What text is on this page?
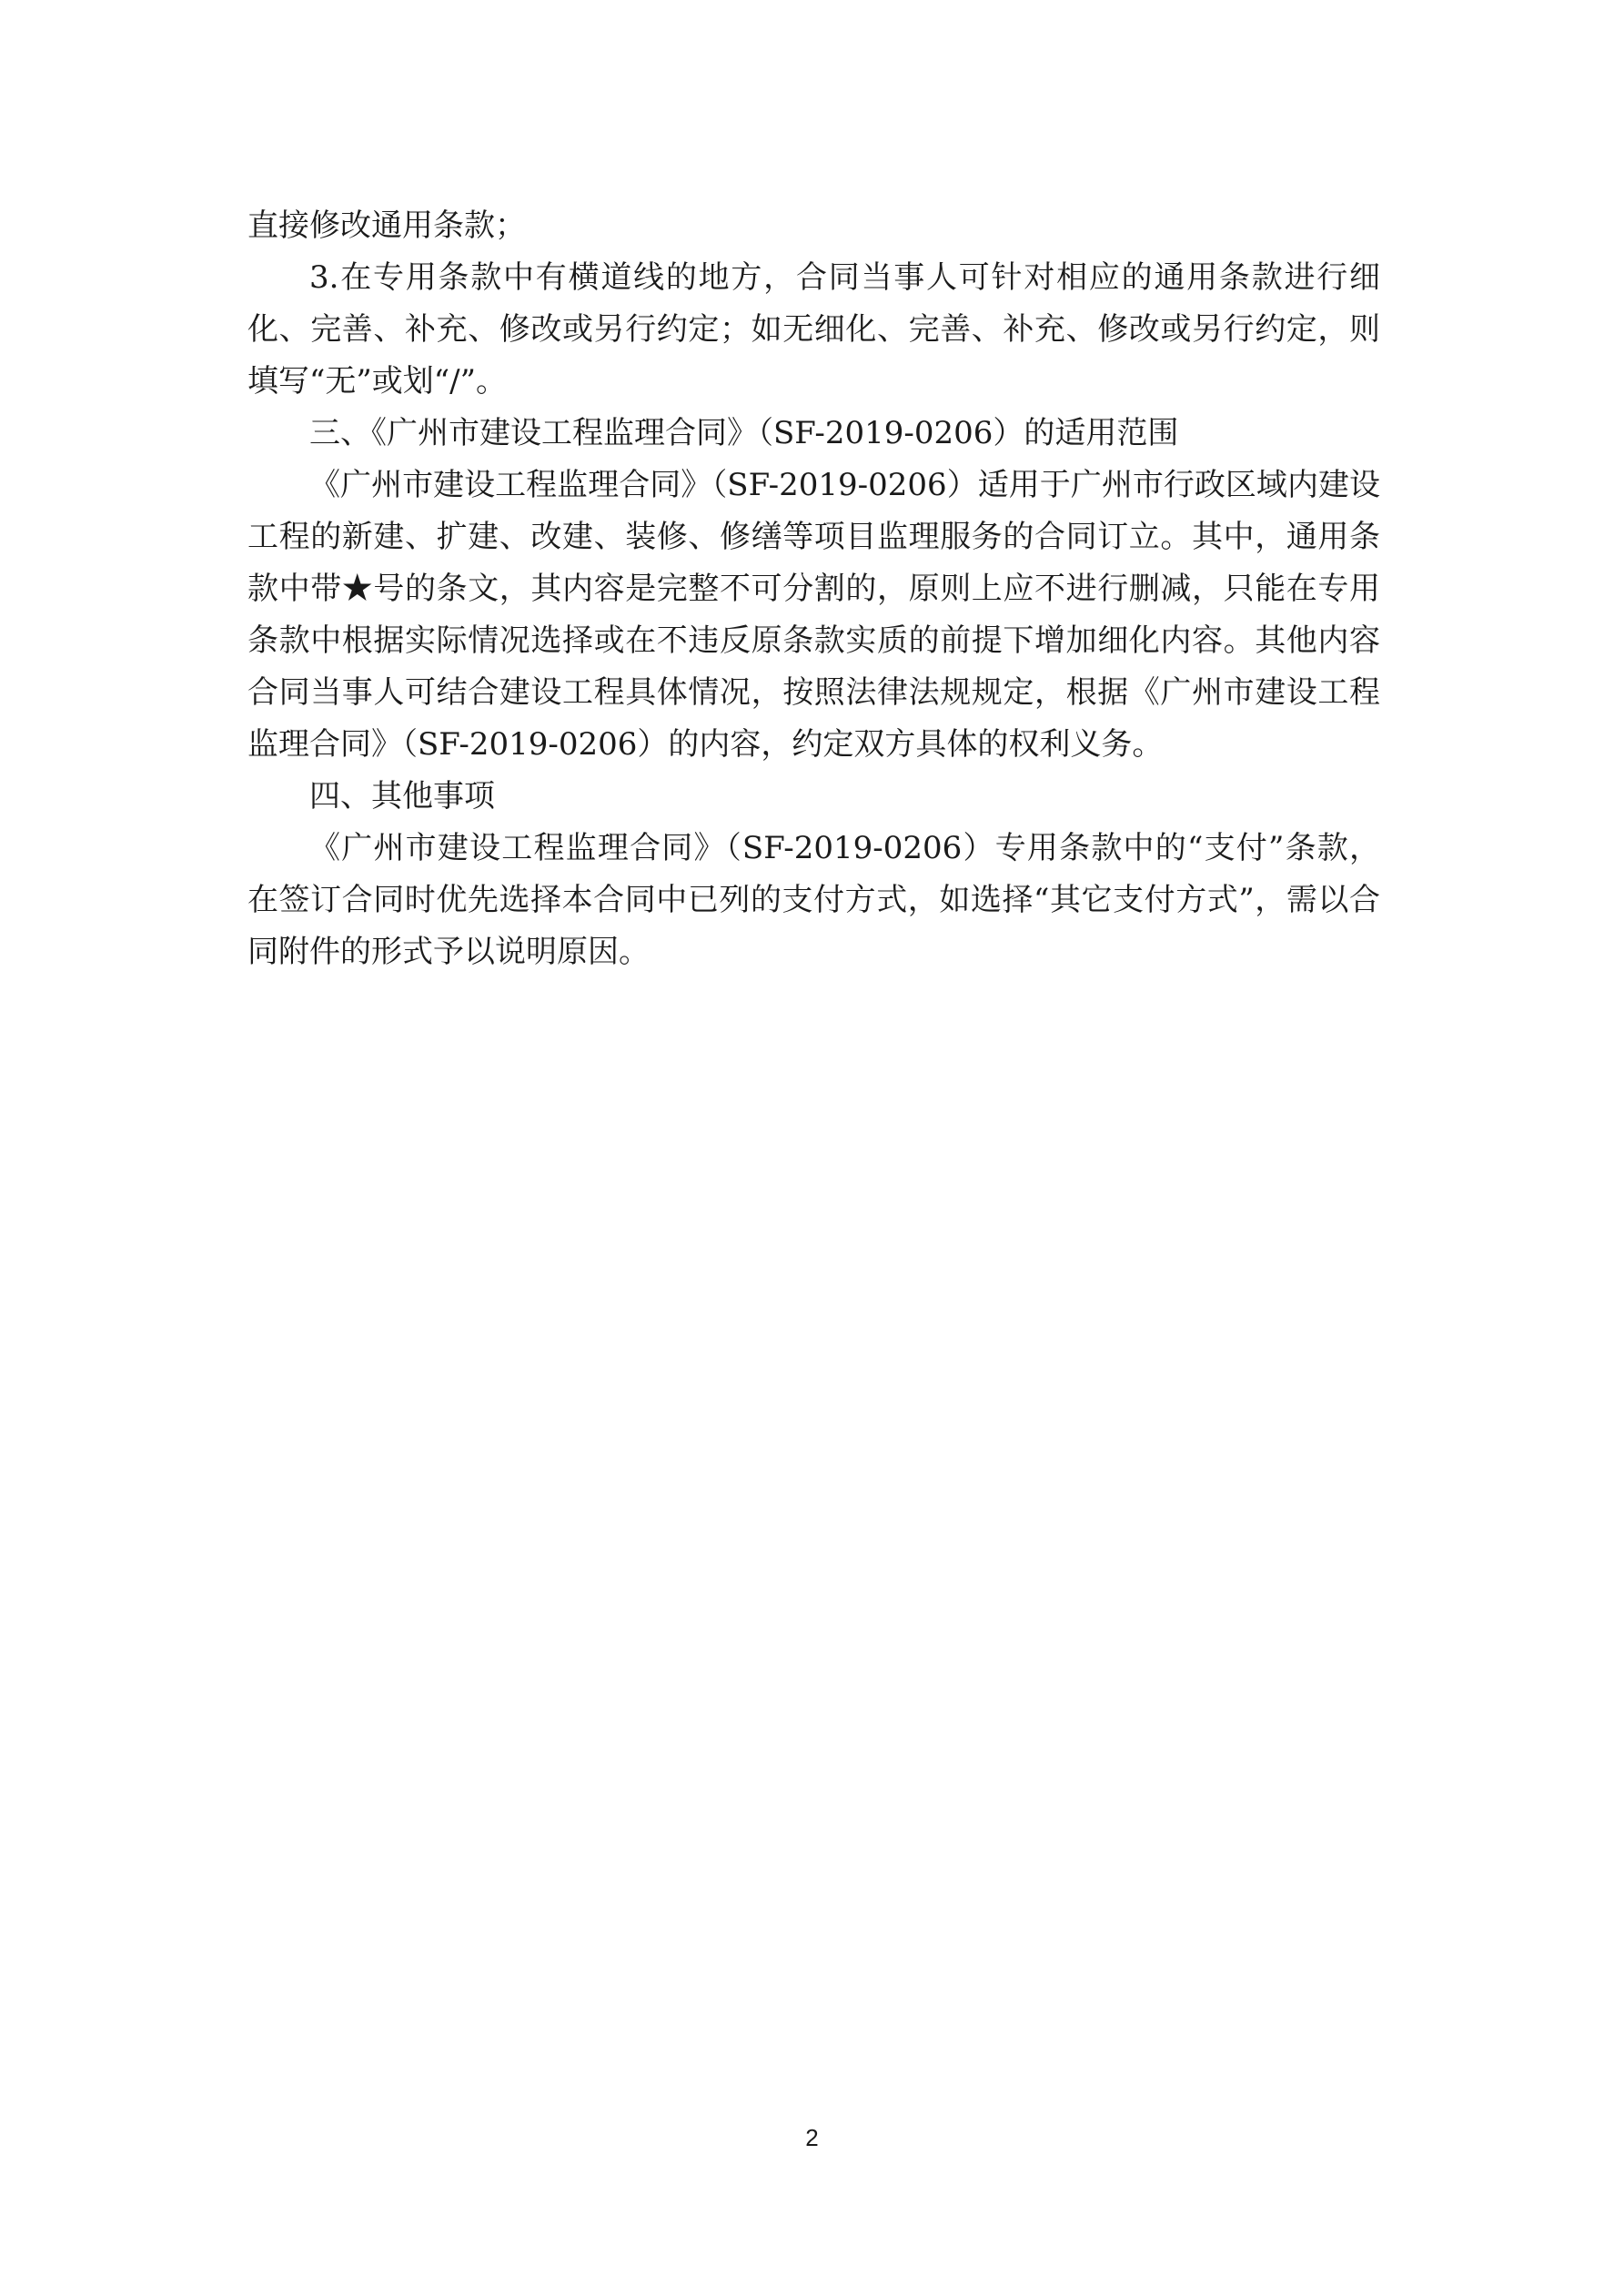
直接修改通用条款；

3.在专用条款中有横道线的地方，合同当事人可针对相应的通用条款进行细化、完善、补充、修改或另行约定；如无细化、完善、补充、修改或另行约定，则填写“无”或划“/”。

三、《广州市建设工程监理合同》（SF-2019-0206）的适用范围

《广州市建设工程监理合同》（SF-2019-0206）适用于广州市行政区域内建设工程的新建、扩建、改建、装修、修缮等项目监理服务的合同订立。其中，通用条款中带★号的条文，其内容是完整不可分割的，原则上应不进行删减，只能在专用条款中根据实际情况选择或在不违反原条款实质的前提下增加细化内容。其他内容合同当事人可结合建设工程具体情况，按照法律法规规定，根据《广州市建设工程监理合同》（SF-2019-0206）的内容，约定双方具体的权利义务。

四、其他事项

《广州市建设工程监理合同》（SF-2019-0206）专用条款中的“支付”条款，在签订合同时优先选择本合同中已列的支付方式，如选择“其它支付方式”，需以合同附件的形式予以说明原因。

2
